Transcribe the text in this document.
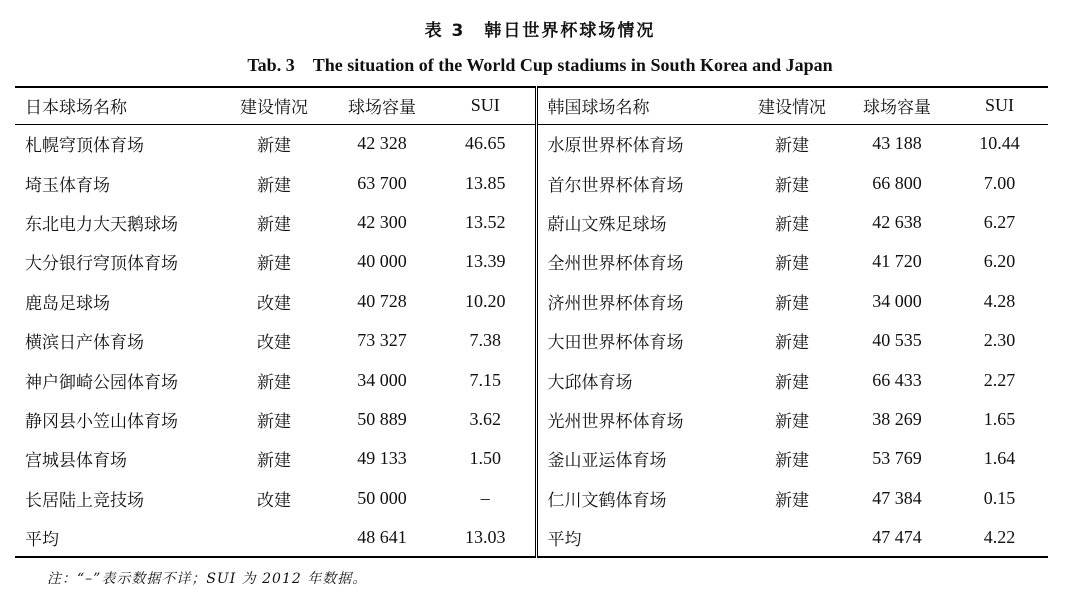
表 3　韩日世界杯球场情况
Tab. 3　The situation of the World Cup stadiums in South Korea and Japan
日本球场名称	建设情况	球场容量	SUI	韩国球场名称	建设情况	球场容量	SUI
札幌穹顶体育场	新建	42 328	46.65	水原世界杯体育场	新建	43 188	10.44
埼玉体育场	新建	63 700	13.85	首尔世界杯体育场	新建	66 800	7.00
东北电力大天鹅球场	新建	42 300	13.52	蔚山文殊足球场	新建	42 638	6.27
大分银行穹顶体育场	新建	40 000	13.39	全州世界杯体育场	新建	41 720	6.20
鹿岛足球场	改建	40 728	10.20	济州世界杯体育场	新建	34 000	4.28
横滨日产体育场	改建	73 327	7.38	大田世界杯体育场	新建	40 535	2.30
神户御崎公园体育场	新建	34 000	7.15	大邱体育场	新建	66 433	2.27
静冈县小笠山体育场	新建	50 889	3.62	光州世界杯体育场	新建	38 269	1.65
宫城县体育场	新建	49 133	1.50	釜山亚运体育场	新建	53 769	1.64
长居陆上竞技场	改建	50 000	–	仁川文鹤体育场	新建	47 384	0.15
平均		48 641	13.03	平均		47 474	4.22
注：“–”表示数据不详；SUI 为 2012 年数据。
